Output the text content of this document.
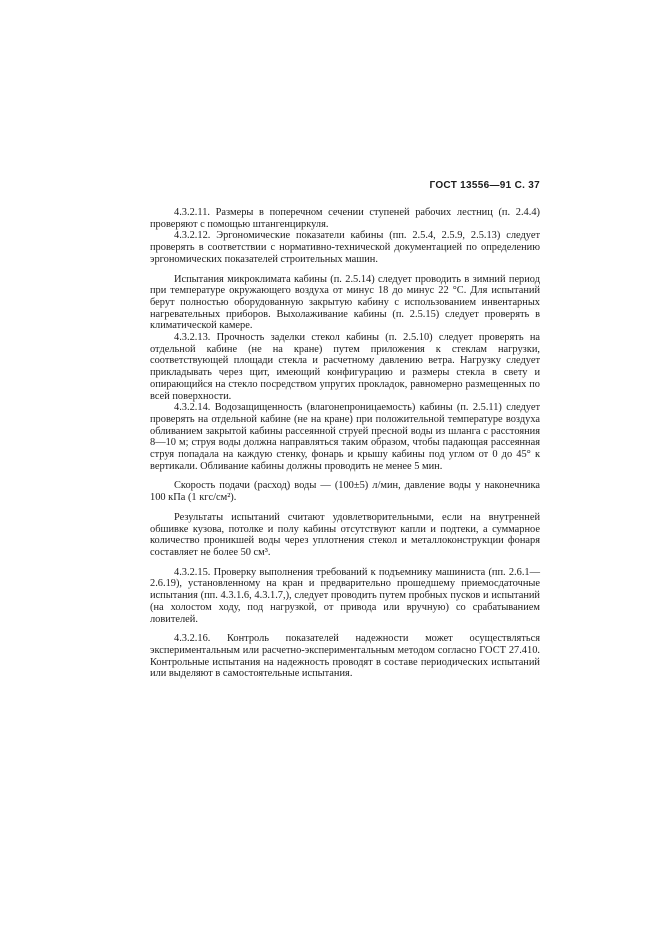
ГОСТ 13556—91 С. 37

4.3.2.11. Размеры в поперечном сечении ступеней рабочих лестниц (п. 2.4.4) проверяют с помощью штангенциркуля.

4.3.2.12. Эргономические показатели кабины (пп. 2.5.4, 2.5.9, 2.5.13) следует проверять в соответствии с нормативно-технической документацией по определению эргономических показателей строительных машин.

Испытания микроклимата кабины (п. 2.5.14) следует проводить в зимний период при температуре окружающего воздуха от минус 18 до минус 22 °С. Для испытаний берут полностью оборудованную закрытую кабину с использованием инвентарных нагревательных приборов. Выхолаживание кабины (п. 2.5.15) следует проверять в климатической камере.

4.3.2.13. Прочность заделки стекол кабины (п. 2.5.10) следует проверять на отдельной кабине (не на кране) путем приложения к стеклам нагрузки, соответствующей площади стекла и расчетному давлению ветра. Нагрузку следует прикладывать через щит, имеющий конфигурацию и размеры стекла в свету и опирающийся на стекло посредством упругих прокладок, равномерно размещенных по всей поверхности.

4.3.2.14. Водозащищенность (влагонепроницаемость) кабины (п. 2.5.11) следует проверять на отдельной кабине (не на кране) при положительной температуре воздуха обливанием закрытой кабины рассеянной струей пресной воды из шланга с расстояния 8—10 м; струя воды должна направляться таким образом, чтобы падающая рассеянная струя попадала на каждую стенку, фонарь и крышу кабины под углом от 0 до 45° к вертикали. Обливание кабины должны проводить не менее 5 мин.

Скорость подачи (расход) воды — (100±5) л/мин, давление воды у наконечника 100 кПа (1 кгс/см²).

Результаты испытаний считают удовлетворительными, если на внутренней обшивке кузова, потолке и полу кабины отсутствуют капли и подтеки, а суммарное количество проникшей воды через уплотнения стекол и металлоконструкции фонаря составляет не более 50 см³.

4.3.2.15. Проверку выполнения требований к подъемнику машиниста (пп. 2.6.1—2.6.19), установленному на кран и предварительно прошедшему приемосдаточные испытания (пп. 4.3.1.6, 4.3.1.7,), следует проводить путем пробных пусков и испытаний (на холостом ходу, под нагрузкой, от привода или вручную) со срабатыванием ловителей.

4.3.2.16. Контроль показателей надежности может осуществляться экспериментальным или расчетно-экспериментальным методом согласно ГОСТ 27.410. Контрольные испытания на надежность проводят в составе периодических испытаний или выделяют в самостоятельные испытания.
